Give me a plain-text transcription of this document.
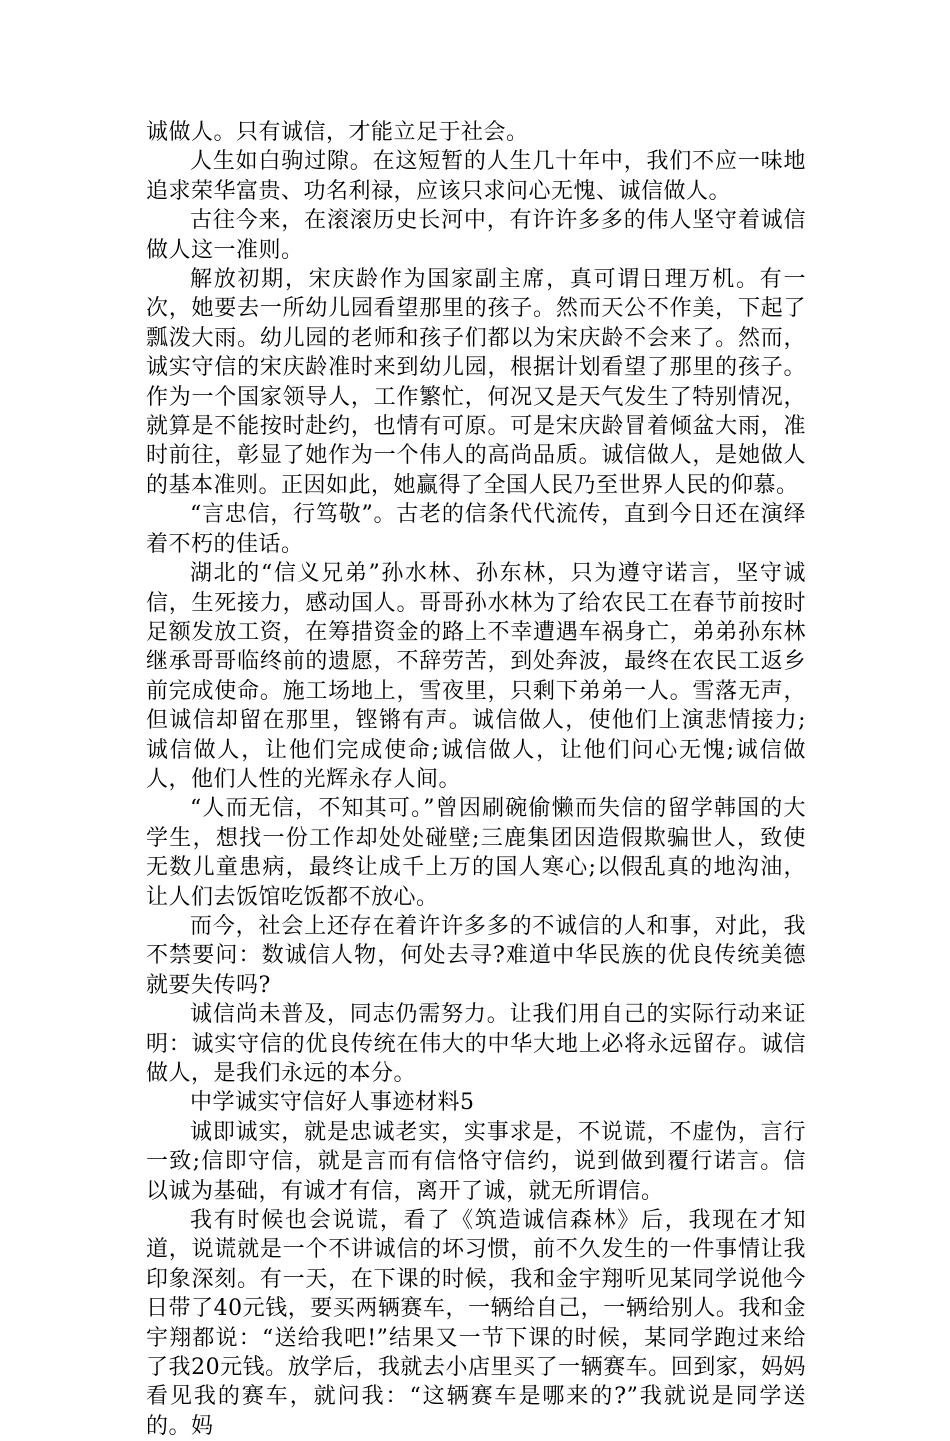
诚做人。只有诚信，才能立足于社会。

人生如白驹过隙。在这短暂的人生几十年中，我们不应一味地追求荣华富贵、功名利禄，应该只求问心无愧、诚信做人。

古往今来，在滚滚历史长河中，有许许多多的伟人坚守着诚信做人这一准则。

解放初期，宋庆龄作为国家副主席，真可谓日理万机。有一次，她要去一所幼儿园看望那里的孩子。然而天公不作美，下起了瓢泼大雨。幼儿园的老师和孩子们都以为宋庆龄不会来了。然而，诚实守信的宋庆龄准时来到幼儿园，根据计划看望了那里的孩子。作为一个国家领导人，工作繁忙，何况又是天气发生了特别情况，就算是不能按时赴约，也情有可原。可是宋庆龄冒着倾盆大雨，准时前往，彰显了她作为一个伟人的高尚品质。诚信做人，是她做人的基本准则。正因如此，她赢得了全国人民乃至世界人民的仰慕。

“言忠信，行笃敬”。古老的信条代代流传，直到今日还在演绎着不朽的佳话。

湖北的“信义兄弟”孙水林、孙东林，只为遵守诺言，坚守诚信，生死接力，感动国人。哥哥孙水林为了给农民工在春节前按时足额发放工资，在筹措资金的路上不幸遭遇车祸身亡，弟弟孙东林继承哥哥临终前的遗愿，不辞劳苦，到处奔波，最终在农民工返乡前完成使命。施工场地上，雪夜里，只剩下弟弟一人。雪落无声，但诚信却留在那里，铿锵有声。诚信做人，使他们上演悲情接力;诚信做人，让他们完成使命;诚信做人，让他们问心无愧;诚信做人，他们人性的光辉永存人间。

“人而无信，不知其可。”曾因刷碗偷懒而失信的留学韩国的大学生，想找一份工作却处处碰壁;三鹿集团因造假欺骗世人，致使无数儿童患病，最终让成千上万的国人寒心;以假乱真的地沟油，让人们去饭馆吃饭都不放心。

而今，社会上还存在着许许多多的不诚信的人和事，对此，我不禁要问：数诚信人物，何处去寻?难道中华民族的优良传统美德就要失传吗?

诚信尚未普及，同志仍需努力。让我们用自己的实际行动来证明：诚实守信的优良传统在伟大的中华大地上必将永远留存。诚信做人，是我们永远的本分。

中学诚实守信好人事迹材料5

诚即诚实，就是忠诚老实，实事求是，不说谎，不虚伪，言行一致;信即守信，就是言而有信恪守信约，说到做到覆行诺言。信以诚为基础，有诚才有信，离开了诚，就无所谓信。

我有时候也会说谎，看了《筑造诚信森林》后，我现在才知道，说谎就是一个不讲诚信的坏习惯，前不久发生的一件事情让我印象深刻。有一天，在下课的时候，我和金宇翔听见某同学说他今日带了40元钱，要买两辆赛车，一辆给自己，一辆给别人。我和金宇翔都说：“送给我吧!”结果又一节下课的时候，某同学跑过来给了我20元钱。放学后，我就去小店里买了一辆赛车。回到家，妈妈看见我的赛车，就问我：“这辆赛车是哪来的?”我就说是同学送的。妈
